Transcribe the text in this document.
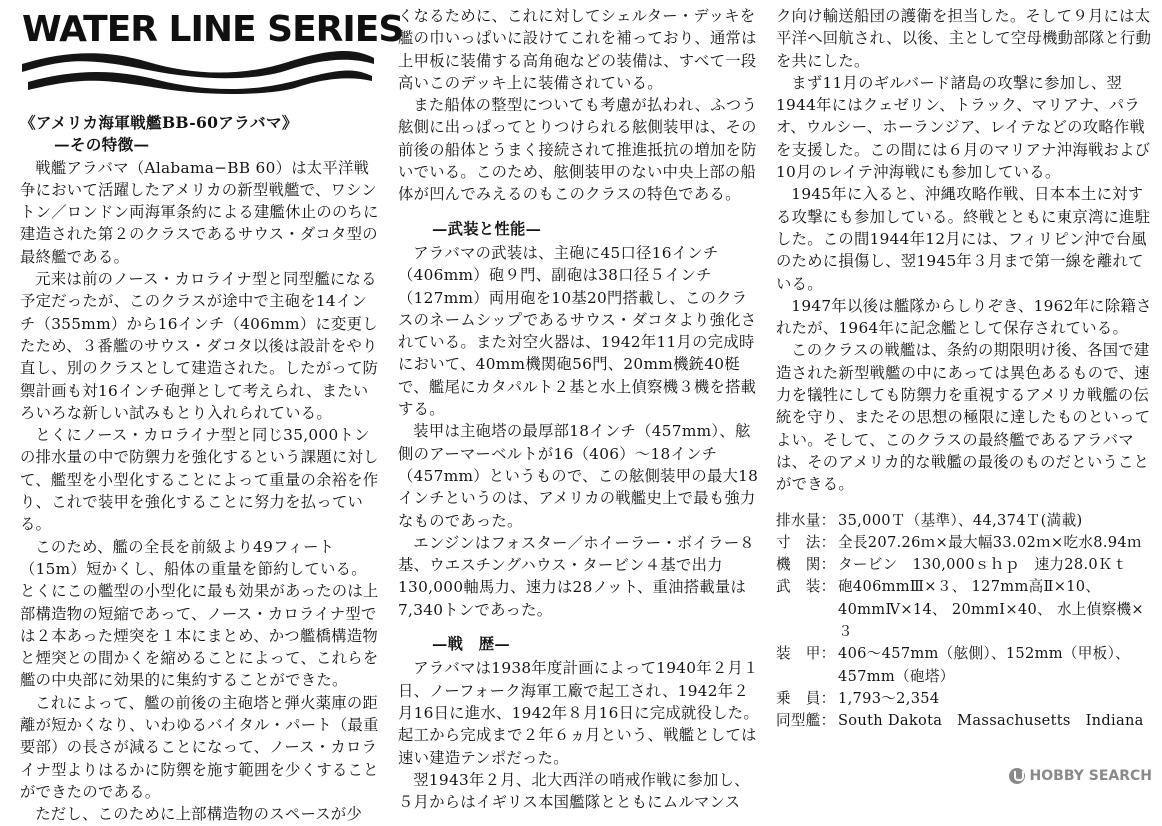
WATER LINE SERIES

《アメリカ海軍戦艦BB-60アラバマ》

—その特徴—

戦艦アラバマ（Alabama−BB 60）は太平洋戦争において活躍したアメリカの新型戦艦で、ワシントン／ロンドン両海軍条約による建艦休止ののちに建造された第２のクラスであるサウス・ダコタ型の最終艦である。

元来は前のノース・カロライナ型と同型艦になる予定だったが、このクラスが途中で主砲を14インチ（355mm）から16インチ（406mm）に変更したため、３番艦のサウス・ダコタ以後は設計をやり直し、別のクラスとして建造された。したがって防禦計画も対16インチ砲弾として考えられ、またいろいろな新しい試みもとり入れられている。

とくにノース・カロライナ型と同じ35,000トンの排水量の中で防禦力を強化するという課題に対して、艦型を小型化することによって重量の余裕を作り、これで装甲を強化することに努力を払っている。

このため、艦の全長を前級より49フィート（15m）短かくし、船体の重量を節約している。とくにこの艦型の小型化に最も効果があったのは上部構造物の短縮であって、ノース・カロライナ型では２本あった煙突を１本にまとめ、かつ艦橋構造物と煙突との間かくを縮めることによって、これらを艦の中央部に効果的に集約することができた。

これによって、艦の前後の主砲塔と弾火薬庫の距離が短かくなり、いわゆるバイタル・パート（最重要部）の長さが減ることになって、ノース・カロライナ型よりはるかに防禦を施す範囲を少くすることができたのである。

ただし、このために上部構造物のスペースが少

くなるために、これに対してシェルター・デッキを艦の巾いっぱいに設けてこれを補っており、通常は上甲板に装備する高角砲などの装備は、すべて一段高いこのデッキ上に装備されている。

また船体の整型についても考慮が払われ、ふつう舷側に出っぱってとりつけられる舷側装甲は、その前後の船体とうまく接続されて推進抵抗の増加を防いでいる。このため、舷側装甲のない中央上部の船体が凹んでみえるのもこのクラスの特色である。

—武装と性能—

アラバマの武装は、主砲に45口径16インチ（406mm）砲９門、副砲は38口径５インチ（127mm）両用砲を10基20門搭載し、このクラスのネームシップであるサウス・ダコタより強化されている。また対空火器は、1942年11月の完成時において、40mm機関砲56門、20mm機銃40梃で、艦尾にカタパルト２基と水上偵察機３機を搭載する。

装甲は主砲塔の最厚部18インチ（457mm）、舷側のアーマーベルトが16（406）〜18インチ（457mm）というもので、この舷側装甲の最大18インチというのは、アメリカの戦艦史上で最も強力なものであった。

エンジンはフォスター／ホイーラー・ボイラー８基、ウエスチングハウス・タービン４基で出力130,000軸馬力、速力は28ノット、重油搭載量は7,340トンであった。

—戦　歴—

アラバマは1938年度計画によって1940年２月１日、ノーフォーク海軍工廠で起工され、1942年２月16日に進水、1942年８月16日に完成就役した。起工から完成まで２年６ヵ月という、戦艦としては速い建造テンポだった。

翌1943年２月、北大西洋の哨戒作戦に参加し、５月からはイギリス本国艦隊とともにムルマンス

ク向け輸送船団の護衛を担当した。そして９月には太平洋へ回航され、以後、主として空母機動部隊と行動を共にした。

まず11月のギルバード諸島の攻撃に参加し、翌1944年にはクェゼリン、トラック、マリアナ、パラオ、ウルシー、ホーランジア、レイテなどの攻略作戦を支援した。この間には６月のマリアナ沖海戦および10月のレイテ沖海戦にも参加している。

1945年に入ると、沖縄攻略作戦、日本本土に対する攻撃にも参加している。終戦とともに東京湾に進駐した。この間1944年12月には、フィリピン沖で台風のために損傷し、翌1945年３月まで第一線を離れている。

1947年以後は艦隊からしりぞき、1962年に除籍されたが、1964年に記念艦として保存されている。

このクラスの戦艦は、条約の期限明け後、各国で建造された新型戦艦の中にあっては異色あるもので、速力を犠牲にしても防禦力を重視するアメリカ戦艦の伝統を守り、またその思想の極限に達したものといってよい。そして、このクラスの最終艦であるアラバマは、そのアメリカ的な戦艦の最後のものだということができる。

排水量： 35,000Ｔ（基準）、44,374Ｔ(満載)
寸　法： 全長207.26ｍ×最大幅33.02ｍ×吃水8.94ｍ
機　関： タービン　130,000ｓｈｐ　速力28.0Ｋｔ
武　装： 砲406mmⅢ×３、 127mm高Ⅱ×10、 40mmⅣ×14、 20mmⅠ×40、 水上偵察機×３
装　甲： 406〜457mm（舷側）、152mm（甲板）、457mm（砲塔）
乗　員： 1,793〜2,354
同型艦： South Dakota　Massachusetts　Indiana
HOBBY SEARCH
